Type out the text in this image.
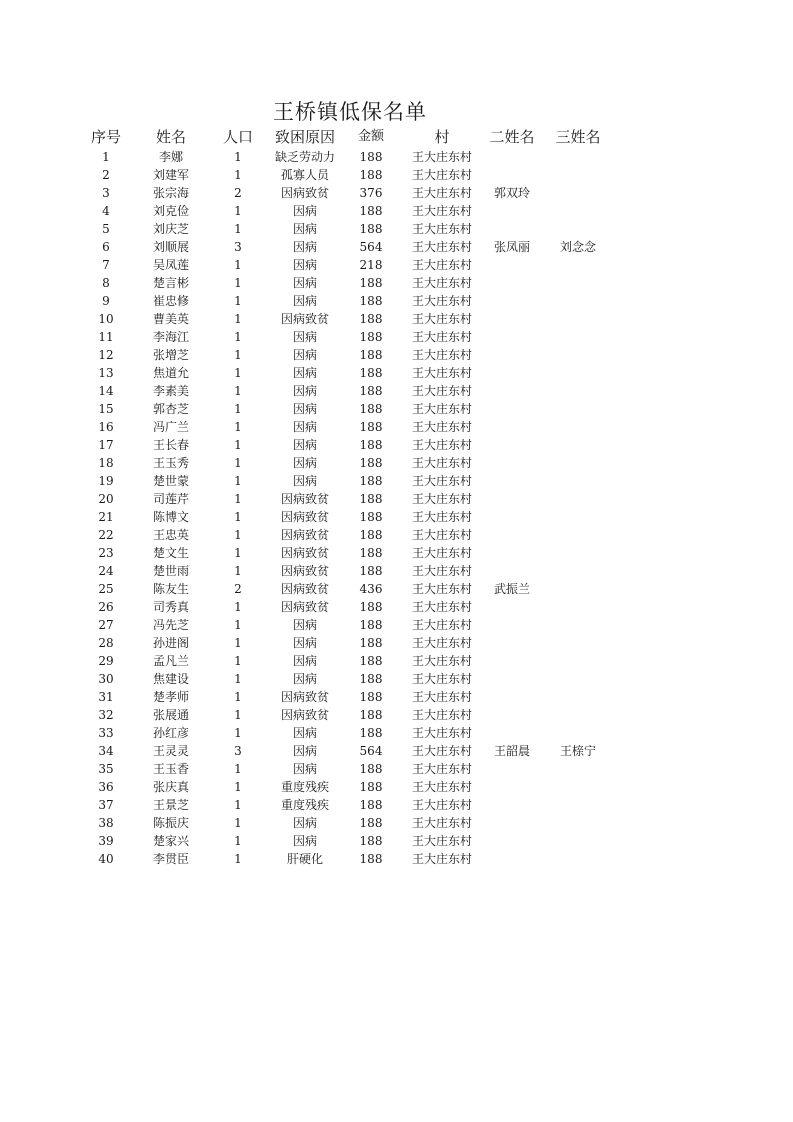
王桥镇低保名单
序号	姓名	人口	致困原因	金额	村	二姓名	三姓名
1	李娜	1	缺乏劳动力	188	王大庄东村
2	刘建军	1	孤寡人员	188	王大庄东村
3	张宗海	2	因病致贫	376	王大庄东村	郭双玲
4	刘克俭	1	因病	188	王大庄东村
5	刘庆芝	1	因病	188	王大庄东村
6	刘顺展	3	因病	564	王大庄东村	张凤丽	刘念念
7	吴凤莲	1	因病	218	王大庄东村
8	楚言彬	1	因病	188	王大庄东村
9	崔忠修	1	因病	188	王大庄东村
10	曹美英	1	因病致贫	188	王大庄东村
11	李海江	1	因病	188	王大庄东村
12	张增芝	1	因病	188	王大庄东村
13	焦道允	1	因病	188	王大庄东村
14	李素美	1	因病	188	王大庄东村
15	郭杏芝	1	因病	188	王大庄东村
16	冯广兰	1	因病	188	王大庄东村
17	王长春	1	因病	188	王大庄东村
18	王玉秀	1	因病	188	王大庄东村
19	楚世蒙	1	因病	188	王大庄东村
20	司莲芹	1	因病致贫	188	王大庄东村
21	陈博文	1	因病致贫	188	王大庄东村
22	王忠英	1	因病致贫	188	王大庄东村
23	楚文生	1	因病致贫	188	王大庄东村
24	楚世雨	1	因病致贫	188	王大庄东村
25	陈友生	2	因病致贫	436	王大庄东村	武振兰
26	司秀真	1	因病致贫	188	王大庄东村
27	冯先芝	1	因病	188	王大庄东村
28	孙进阁	1	因病	188	王大庄东村
29	孟凡兰	1	因病	188	王大庄东村
30	焦建设	1	因病	188	王大庄东村
31	楚孝师	1	因病致贫	188	王大庄东村
32	张展通	1	因病致贫	188	王大庄东村
33	孙红彦	1	因病	188	王大庄东村
34	王灵灵	3	因病	564	王大庄东村	王韶晨	王榇宁
35	王玉香	1	因病	188	王大庄东村
36	张庆真	1	重度残疾	188	王大庄东村
37	王景芝	1	重度残疾	188	王大庄东村
38	陈振庆	1	因病	188	王大庄东村
39	楚家兴	1	因病	188	王大庄东村
40	李贯臣	1	肝硬化	188	王大庄东村
